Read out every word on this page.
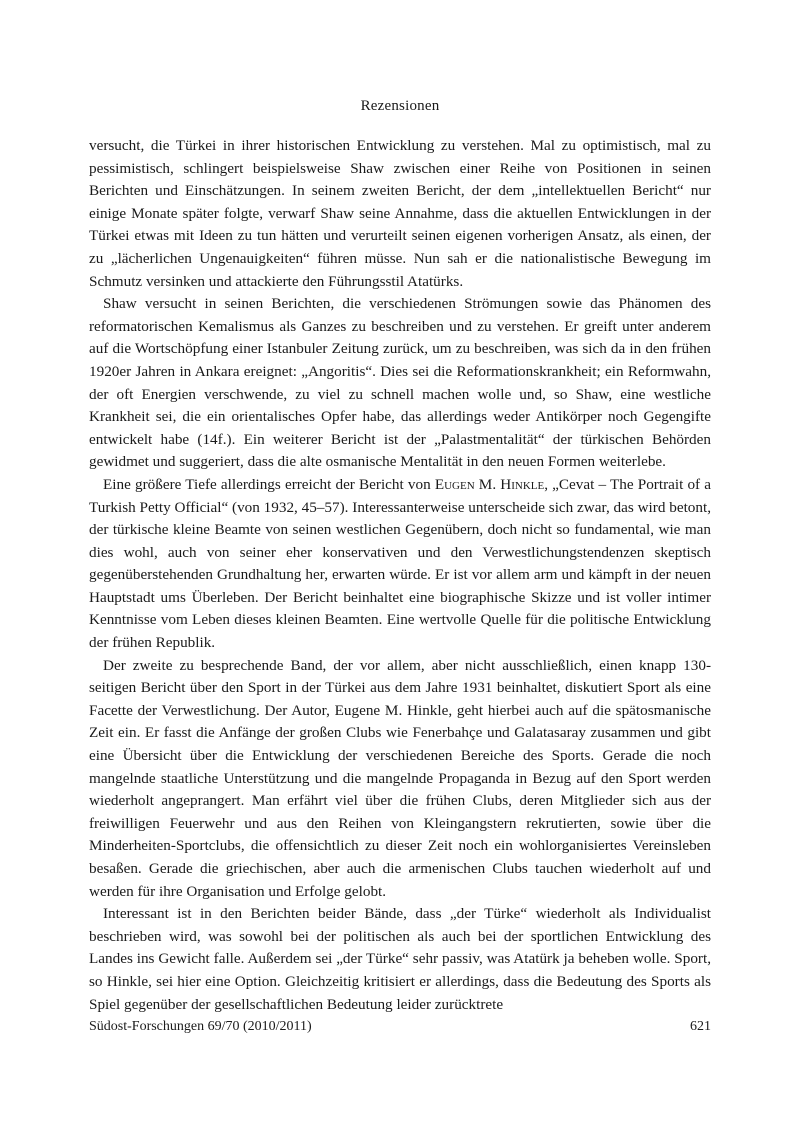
Rezensionen

versucht, die Türkei in ihrer historischen Entwicklung zu verstehen. Mal zu optimistisch, mal zu pessimistisch, schlingert beispielsweise Shaw zwischen einer Reihe von Positionen in seinen Berichten und Einschätzungen. In seinem zweiten Bericht, der dem „intellektuellen Bericht“ nur einige Monate später folgte, verwarf Shaw seine Annahme, dass die aktuellen Entwicklungen in der Türkei etwas mit Ideen zu tun hätten und verurteilt seinen eigenen vorherigen Ansatz, als einen, der zu „lächerlichen Ungenauigkeiten“ führen müsse. Nun sah er die nationalistische Bewegung im Schmutz versinken und attackierte den Führungsstil Atatürks.

Shaw versucht in seinen Berichten, die verschiedenen Strömungen sowie das Phänomen des reformatorischen Kemalismus als Ganzes zu beschreiben und zu verstehen. Er greift unter anderem auf die Wortschöpfung einer Istanbuler Zeitung zurück, um zu beschreiben, was sich da in den frühen 1920er Jahren in Ankara ereignet: „Angoritis“. Dies sei die Reformationskrankheit; ein Reformwahn, der oft Energien verschwende, zu viel zu schnell machen wolle und, so Shaw, eine westliche Krankheit sei, die ein orientalisches Opfer habe, das allerdings weder Antikörper noch Gegengifte entwickelt habe (14f.). Ein weiterer Bericht ist der „Palastmentalität“ der türkischen Behörden gewidmet und suggeriert, dass die alte osmanische Mentalität in den neuen Formen weiterlebe.

Eine größere Tiefe allerdings erreicht der Bericht von Eugen M. Hinkle, „Cevat – The Portrait of a Turkish Petty Official“ (von 1932, 45–57). Interessanterweise unterscheide sich zwar, das wird betont, der türkische kleine Beamte von seinen westlichen Gegenübern, doch nicht so fundamental, wie man dies wohl, auch von seiner eher konservativen und den Verwestlichungstendenzen skeptisch gegenüberstehenden Grundhaltung her, erwarten würde. Er ist vor allem arm und kämpft in der neuen Hauptstadt ums Überleben. Der Bericht beinhaltet eine biographische Skizze und ist voller intimer Kenntnisse vom Leben dieses kleinen Beamten. Eine wertvolle Quelle für die politische Entwicklung der frühen Republik.

Der zweite zu besprechende Band, der vor allem, aber nicht ausschließlich, einen knapp 130-seitigen Bericht über den Sport in der Türkei aus dem Jahre 1931 beinhaltet, diskutiert Sport als eine Facette der Verwestlichung. Der Autor, Eugene M. Hinkle, geht hierbei auch auf die spätosmanische Zeit ein. Er fasst die Anfänge der großen Clubs wie Fenerbahçe und Galatasaray zusammen und gibt eine Übersicht über die Entwicklung der verschiedenen Bereiche des Sports. Gerade die noch mangelnde staatliche Unterstützung und die mangelnde Propaganda in Bezug auf den Sport werden wiederholt angeprangert. Man erfährt viel über die frühen Clubs, deren Mitglieder sich aus der freiwilligen Feuerwehr und aus den Reihen von Kleingangstern rekrutierten, sowie über die Minderheiten-Sportclubs, die offensichtlich zu dieser Zeit noch ein wohlorganisiertes Vereinsleben besaßen. Gerade die griechischen, aber auch die armenischen Clubs tauchen wiederholt auf und werden für ihre Organisation und Erfolge gelobt.

Interessant ist in den Berichten beider Bände, dass „der Türke“ wiederholt als Individualist beschrieben wird, was sowohl bei der politischen als auch bei der sportlichen Entwicklung des Landes ins Gewicht falle. Außerdem sei „der Türke“ sehr passiv, was Atatürk ja beheben wolle. Sport, so Hinkle, sei hier eine Option. Gleichzeitig kritisiert er allerdings, dass die Bedeutung des Sports als Spiel gegenüber der gesellschaftlichen Bedeutung leider zurücktrete

Südost-Forschungen 69/70 (2010/2011)	621
